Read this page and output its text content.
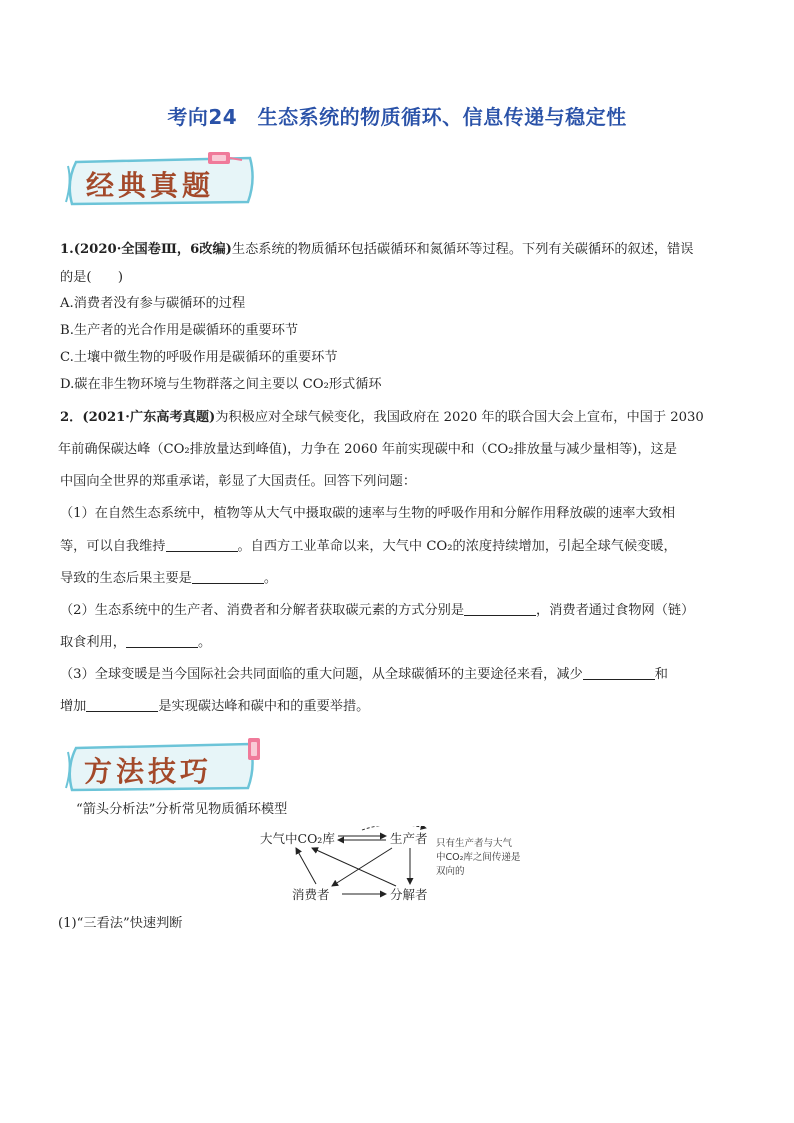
考向24　生态系统的物质循环、信息传递与稳定性
经典真题
1.(2020·全国卷Ⅲ，6改编)生态系统的物质循环包括碳循环和氮循环等过程。下列有关碳循环的叙述，错误
的是(　　)
A.消费者没有参与碳循环的过程
B.生产者的光合作用是碳循环的重要环节
C.土壤中微生物的呼吸作用是碳循环的重要环节
D.碳在非生物环境与生物群落之间主要以 CO₂形式循环
2．(2021·广东高考真题)为积极应对全球气候变化，我国政府在 2020 年的联合国大会上宣布，中国于 2030
年前确保碳达峰（CO₂排放量达到峰值)，力争在 2060 年前实现碳中和（CO₂排放量与减少量相等)，这是
中国向全世界的郑重承诺，彰显了大国责任。回答下列问题：
（1）在自然生态系统中，植物等从大气中摄取碳的速率与生物的呼吸作用和分解作用释放碳的速率大致相
等，可以自我维持	。自西方工业革命以来，大气中 CO₂的浓度持续增加，引起全球气候变暖，
导致的生态后果主要是	。
（2）生态系统中的生产者、消费者和分解者获取碳元素的方式分别是	，消费者通过食物网（链）
取食利用，	。
（3）全球变暖是当今国际社会共同面临的重大问题，从全球碳循环的主要途径来看，减少	和
增加	是实现碳达峰和碳中和的重要举措。
方法技巧
“箭头分析法”分析常见物质循环模型
大气中CO₂库	生产者
消费者	分解者
只有生产者与大气
中CO₂库之间传递是
双向的
(1)“三看法”快速判断
